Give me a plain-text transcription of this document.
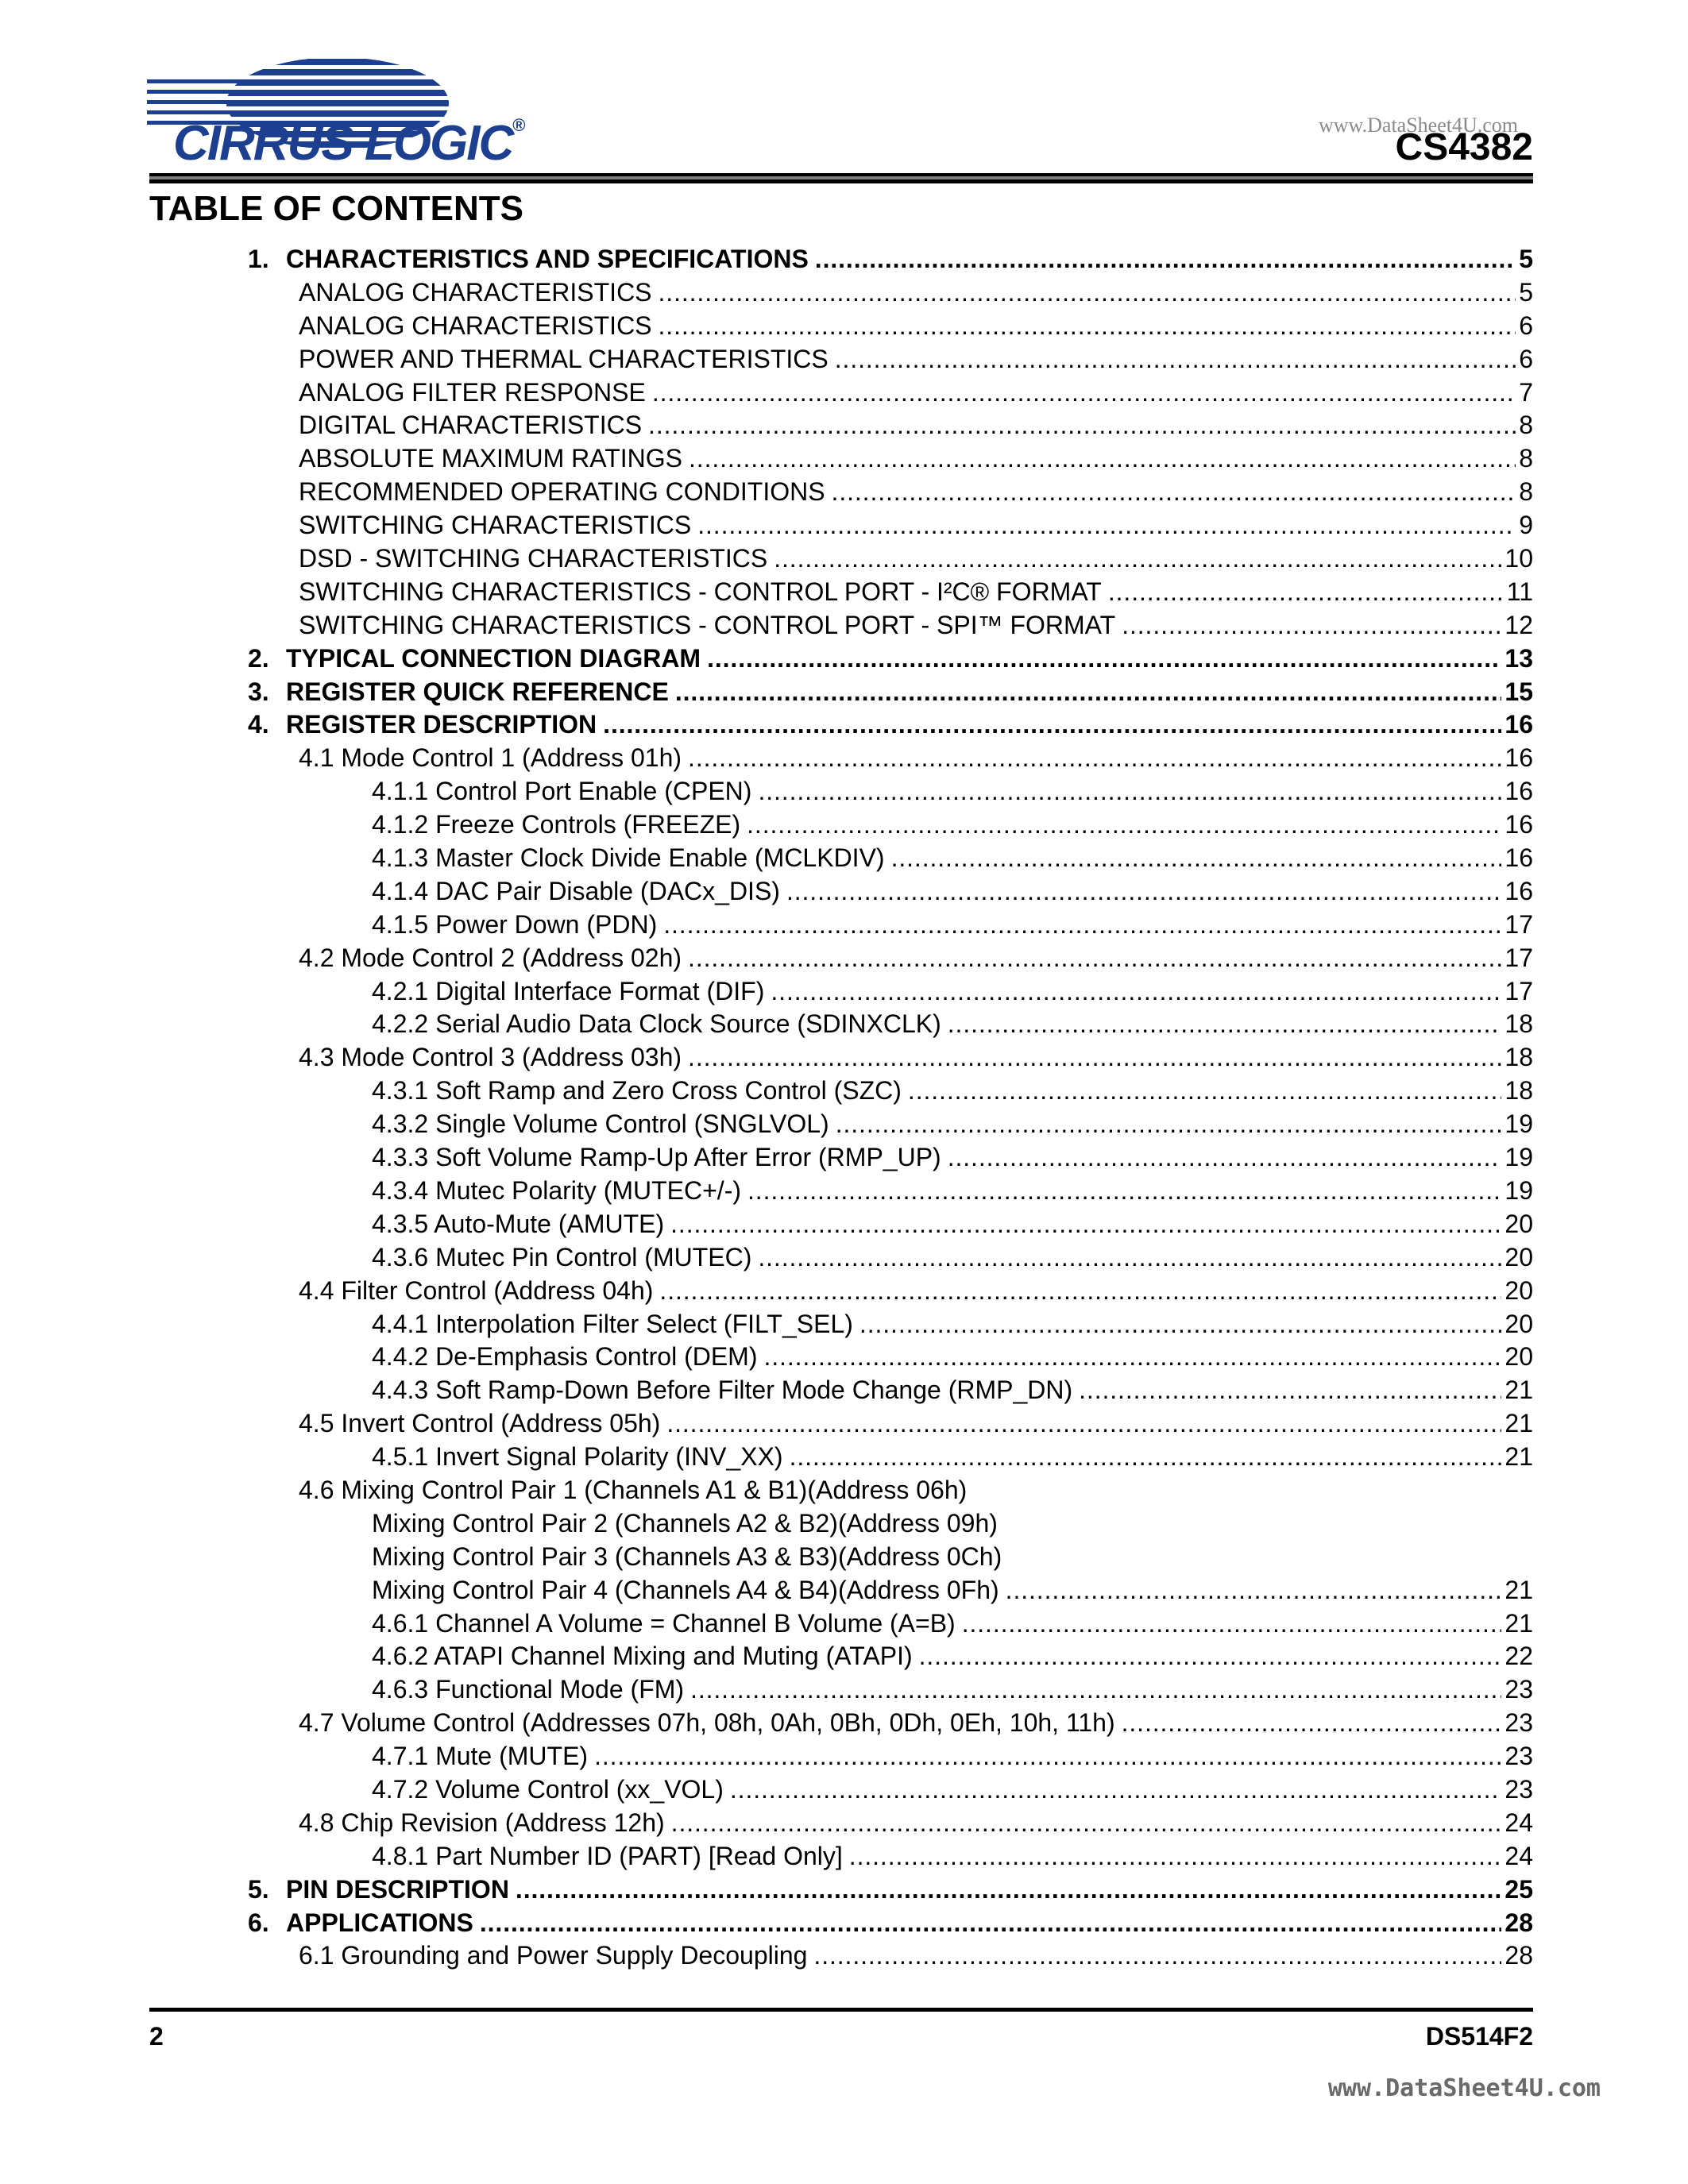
CIRRUS LOGIC®	www.DataSheet4U.com
CS4382
TABLE OF CONTENTS
1. CHARACTERISTICS AND SPECIFICATIONS . . .	5
ANALOG CHARACTERISTICS . . .	5
ANALOG CHARACTERISTICS . . .	6
POWER AND THERMAL CHARACTERISTICS . . .	6
ANALOG FILTER RESPONSE . . .	7
DIGITAL CHARACTERISTICS . . .	8
ABSOLUTE MAXIMUM RATINGS . . .	8
RECOMMENDED OPERATING CONDITIONS . . .	8
SWITCHING CHARACTERISTICS . . .	9
DSD - SWITCHING CHARACTERISTICS . . .	10
SWITCHING CHARACTERISTICS - CONTROL PORT - I²C® FORMAT . . .	11
SWITCHING CHARACTERISTICS - CONTROL PORT - SPI™ FORMAT . . .	12
2. TYPICAL CONNECTION DIAGRAM . . .	13
3. REGISTER QUICK REFERENCE . . .	15
4. REGISTER DESCRIPTION . . .	16
4.1 Mode Control 1 (Address 01h) . . .	16
4.1.1 Control Port Enable (CPEN) . . .	16
4.1.2 Freeze Controls (FREEZE) . . .	16
4.1.3 Master Clock Divide Enable (MCLKDIV) . . .	16
4.1.4 DAC Pair Disable (DACx_DIS) . . .	16
4.1.5 Power Down (PDN) . . .	17
4.2 Mode Control 2 (Address 02h) . . .	17
4.2.1 Digital Interface Format (DIF) . . .	17
4.2.2 Serial Audio Data Clock Source (SDINXCLK) . . .	18
4.3 Mode Control 3 (Address 03h) . . .	18
4.3.1 Soft Ramp and Zero Cross Control (SZC) . . .	18
4.3.2 Single Volume Control (SNGLVOL) . . .	19
4.3.3 Soft Volume Ramp-Up After Error (RMP_UP) . . .	19
4.3.4 Mutec Polarity (MUTEC+/-) . . .	19
4.3.5 Auto-Mute (AMUTE) . . .	20
4.3.6 Mutec Pin Control (MUTEC) . . .	20
4.4 Filter Control (Address 04h) . . .	20
4.4.1 Interpolation Filter Select (FILT_SEL) . . .	20
4.4.2 De-Emphasis Control (DEM) . . .	20
4.4.3 Soft Ramp-Down Before Filter Mode Change (RMP_DN) . . .	21
4.5 Invert Control (Address 05h) . . .	21
4.5.1 Invert Signal Polarity (INV_XX) . . .	21
4.6 Mixing Control Pair 1 (Channels A1 & B1)(Address 06h)
Mixing Control Pair 2 (Channels A2 & B2)(Address 09h)
Mixing Control Pair 3 (Channels A3 & B3)(Address 0Ch)
Mixing Control Pair 4 (Channels A4 & B4)(Address 0Fh) . . .	21
4.6.1 Channel A Volume = Channel B Volume (A=B) . . .	21
4.6.2 ATAPI Channel Mixing and Muting (ATAPI) . . .	22
4.6.3 Functional Mode (FM) . . .	23
4.7 Volume Control (Addresses 07h, 08h, 0Ah, 0Bh, 0Dh, 0Eh, 10h, 11h) . . .	23
4.7.1 Mute (MUTE) . . .	23
4.7.2 Volume Control (xx_VOL) . . .	23
4.8 Chip Revision (Address 12h) . . .	24
4.8.1 Part Number ID (PART) [Read Only] . . .	24
5. PIN DESCRIPTION . . .	25
6. APPLICATIONS . . .	28
6.1 Grounding and Power Supply Decoupling . . .	28
2	DS514F2
www.DataSheet4U.com
